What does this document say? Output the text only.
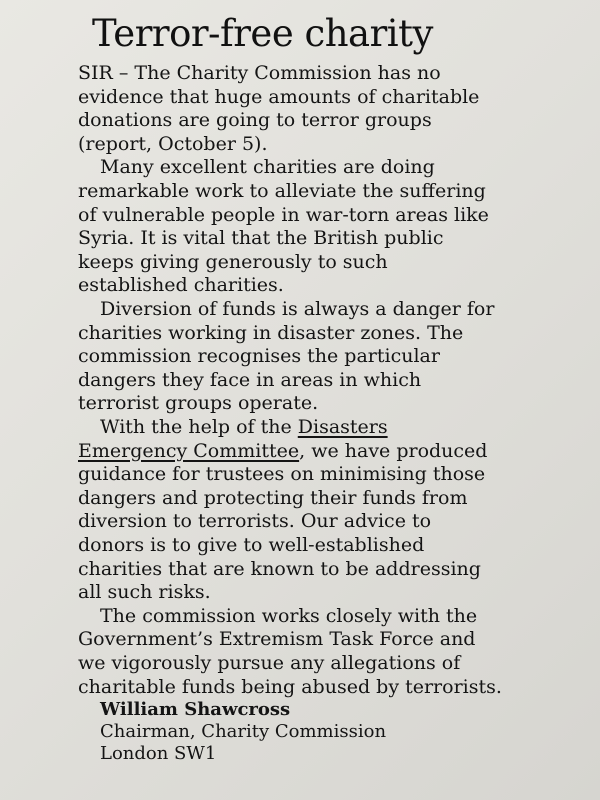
Terror-free charity

SIR – The Charity Commission has no
evidence that huge amounts of charitable
donations are going to terror groups
(report, October 5).

Many excellent charities are doing
remarkable work to alleviate the suffering
of vulnerable people in war-torn areas like
Syria. It is vital that the British public
keeps giving generously to such
established charities.

Diversion of funds is always a danger for
charities working in disaster zones. The
commission recognises the particular
dangers they face in areas in which
terrorist groups operate.

With the help of the Disasters
Emergency Committee, we have produced
guidance for trustees on minimising those
dangers and protecting their funds from
diversion to terrorists. Our advice to
donors is to give to well-established
charities that are known to be addressing
all such risks.

The commission works closely with the
Government’s Extremism Task Force and
we vigorously pursue any allegations of
charitable funds being abused by terrorists.

William Shawcross
Chairman, Charity Commission
London SW1
